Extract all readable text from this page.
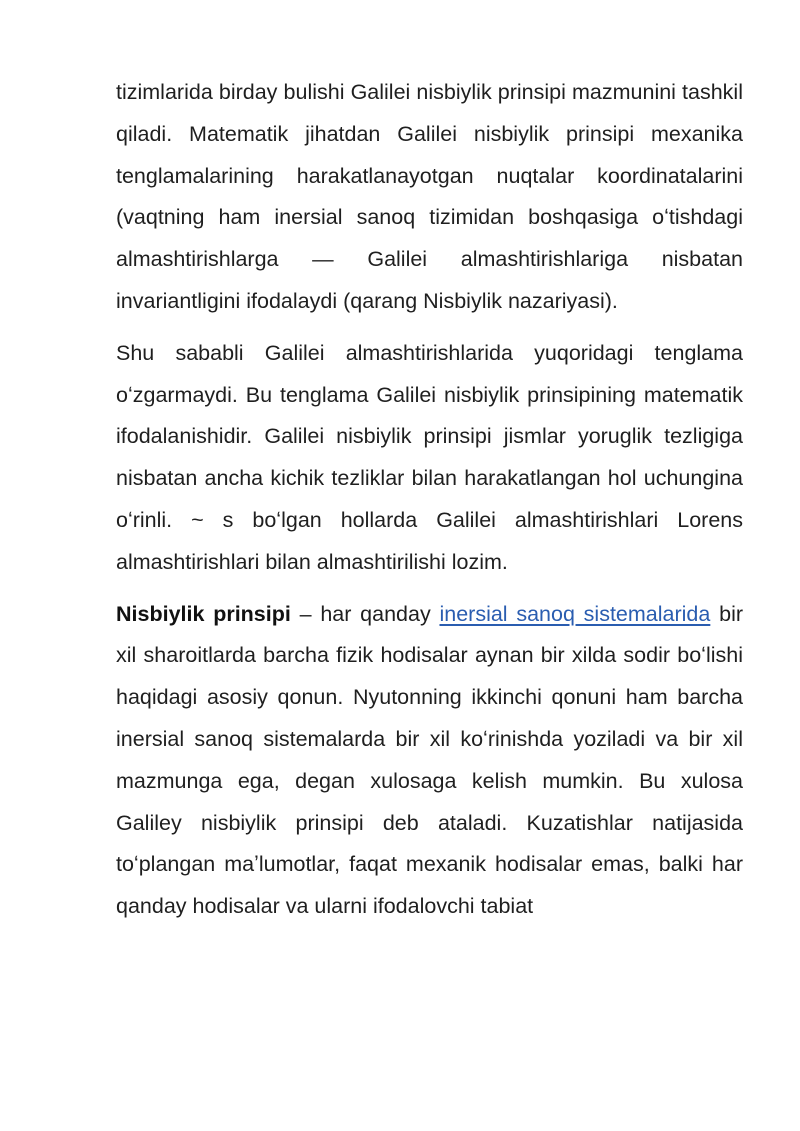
tizimlarida birday bulishi Galilei nisbiylik prinsipi mazmunini tashkil qiladi. Matematik jihatdan Galilei nisbiylik prinsipi mexanika tenglamalarining harakatlanayotgan nuqtalar koordinatalarini (vaqtning ham inersial sanoq tizimidan boshqasiga oʻtishdagi almashtirishlarga — Galilei almashtirishlariga nisbatan invariantligini ifodalaydi (qarang Nisbiylik nazariyasi).

Shu sababli Galilei almashtirishlarida yuqoridagi tenglama oʻzgarmaydi. Bu tenglama Galilei nisbiylik prinsipining matematik ifodalanishidir. Galilei nisbiylik prinsipi jismlar yoruglik tezligiga nisbatan ancha kichik tezliklar bilan harakatlangan hol uchungina oʻrinli. ~ s boʻlgan hollarda Galilei almashtirishlari Lorens almashtirishlari bilan almashtirilishi lozim.

Nisbiylik prinsipi – har qanday inersial sanoq sistemalarida bir xil sharoitlarda barcha fizik hodisalar aynan bir xilda sodir boʻlishi haqidagi asosiy qonun. Nyutonning ikkinchi qonuni ham barcha inersial sanoq sistemalarda bir xil koʻrinishda yoziladi va bir xil mazmunga ega, degan xulosaga kelish mumkin. Bu xulosa Galiley nisbiylik prinsipi deb ataladi. Kuzatishlar natijasida toʻplangan maʼlumotlar, faqat mexanik hodisalar emas, balki har qanday hodisalar va ularni ifodalovchi tabiat
